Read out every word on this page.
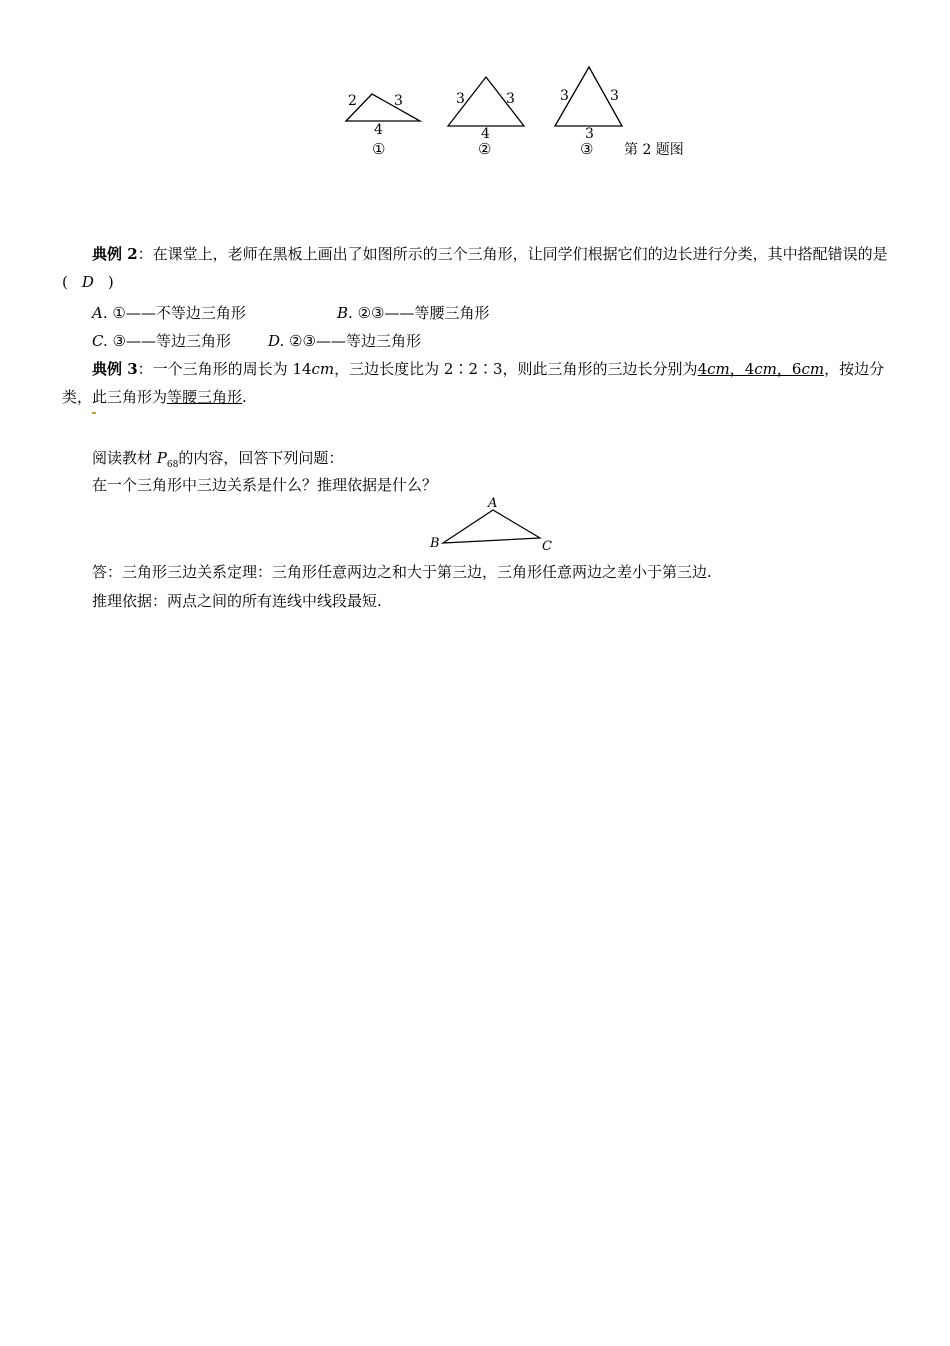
2	3
4
①
3	3
4
②
3	3
3
③ 第 2 题图
典例 2：在课堂上，老师在黑板上画出了如图所示的三个三角形，让同学们根据它们的边长进行分类，其中搭配错误的是( D )
A. ①——不等边三角形	B. ②③——等腰三角形
C. ③——等边三角形 D. ②③——等边三角形
典例 3：一个三角形的周长为 14cm，三边长度比为 2∶2∶3，则此三角形的三边长分别为4cm，4cm，6cm，按边分类，此三角形为等腰三角形.
阅读教材 $P_{68}$的内容，回答下列问题：
在一个三角形中三边关系是什么？推理依据是什么？
A
B	C
答：三角形三边关系定理：三角形任意两边之和大于第三边，三角形任意两边之差小于第三边.
推理依据：两点之间的所有连线中线段最短.
